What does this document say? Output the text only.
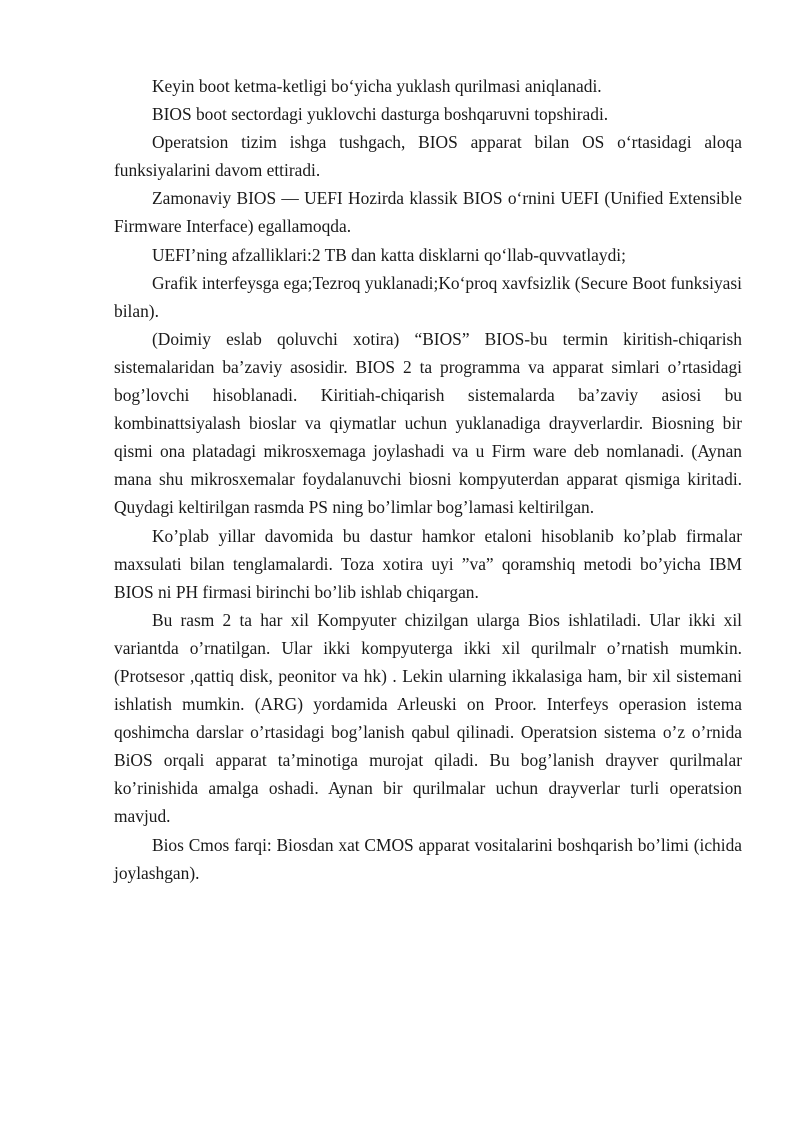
Keyin boot ketma-ketligi bo‘yicha yuklash qurilmasi aniqlanadi.

BIOS boot sectordagi yuklovchi dasturga boshqaruvni topshiradi.

Operatsion tizim ishga tushgach, BIOS apparat bilan OS o‘rtasidagi aloqa funksiyalarini davom ettiradi.

Zamonaviy BIOS — UEFI Hozirda klassik BIOS o‘rnini UEFI (Unified Extensible Firmware Interface) egallamoqda.

UEFI’ning afzalliklari:2 TB dan katta disklarni qo‘llab-quvvatlaydi;

Grafik interfeysga ega;Tezroq yuklanadi;Ko‘proq xavfsizlik (Secure Boot funksiyasi bilan).

(Doimiy eslab qoluvchi xotira) “BIOS” BIOS-bu termin kiritish-chiqarish sistemalaridan ba’zaviy asosidir. BIOS 2 ta programma va apparat simlari o’rtasidagi bog’lovchi hisoblanadi. Kiritiah-chiqarish sistemalarda ba’zaviy asiosi bu kombinattsiyalash bioslar va qiymatlar uchun yuklanadiga drayverlardir. Biosning bir qismi ona platadagi mikrosxemaga joylashadi va u Firm ware deb nomlanadi. (Aynan mana shu mikrosxemalar foydalanuvchi biosni kompyuterdan apparat qismiga kiritadi. Quydagi keltirilgan rasmda PS ning bo’limlar bog’lamasi keltirilgan.

Ko’plab yillar davomida bu dastur hamkor etaloni hisoblanib ko’plab firmalar maxsulati bilan tenglamalardi. Toza xotira uyi ”va” qoramshiq metodi bo’yicha IBM BIOS ni PH firmasi birinchi bo’lib ishlab chiqargan.

Bu rasm 2 ta har xil Kompyuter chizilgan ularga Bios ishlatiladi. Ular ikki xil variantda o’rnatilgan. Ular ikki kompyuterga ikki xil qurilmalr o’rnatish mumkin. (Protsesor ,qattiq disk, peonitor va hk) . Lekin ularning ikkalasiga ham, bir xil sistemani ishlatish mumkin. (ARG) yordamida Arleuski on Proor. Interfeys operasion istema qoshimcha darslar o’rtasidagi bog’lanish qabul qilinadi. Operatsion sistema o’z o’rnida BiOS orqali apparat ta’minotiga murojat qiladi. Bu bog’lanish drayver qurilmalar ko’rinishida amalga oshadi. Aynan bir qurilmalar uchun drayverlar turli operatsion mavjud.

Bios Cmos farqi: Biosdan xat CMOS apparat vositalarini boshqarish bo’limi (ichida joylashgan).
